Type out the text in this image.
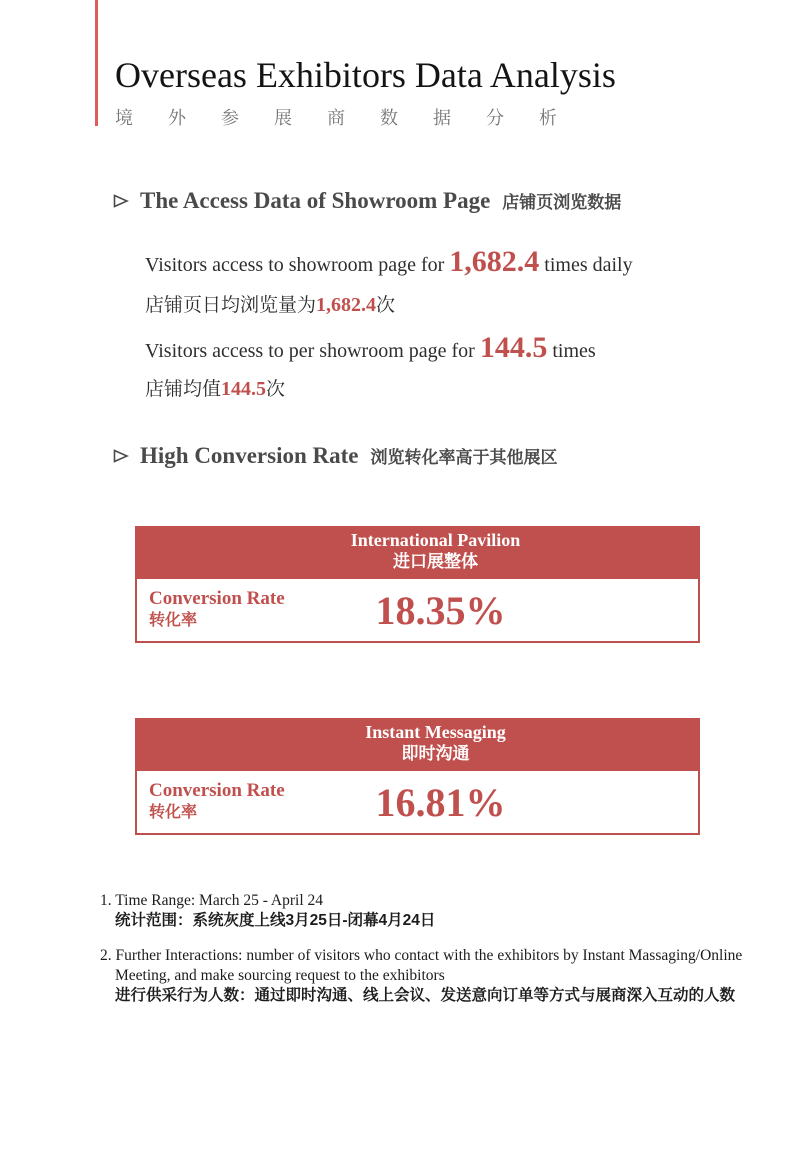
Overseas Exhibitors Data Analysis
境 外 参 展 商 数 据 分 析
The Access Data of Showroom Page 店铺页浏览数据
Visitors access to showroom page for 1,682.4 times daily
店铺页日均浏览量为1,682.4次
Visitors access to per showroom page for 144.5 times
店铺均值144.5次
High Conversion Rate 浏览转化率高于其他展区
International Pavilion
进口展整体
Conversion Rate
转化率	18.35%
Instant Messaging
即时沟通
Conversion Rate
转化率	16.81%
1. Time Range: March 25 - April 24
统计范围：系统灰度上线3月25日-闭幕4月24日
2. Further Interactions: number of visitors who contact with the exhibitors by Instant Massaging/Online Meeting, and make sourcing request to the exhibitors
进行供采行为人数：通过即时沟通、线上会议、发送意向订单等方式与展商深入互动的人数
